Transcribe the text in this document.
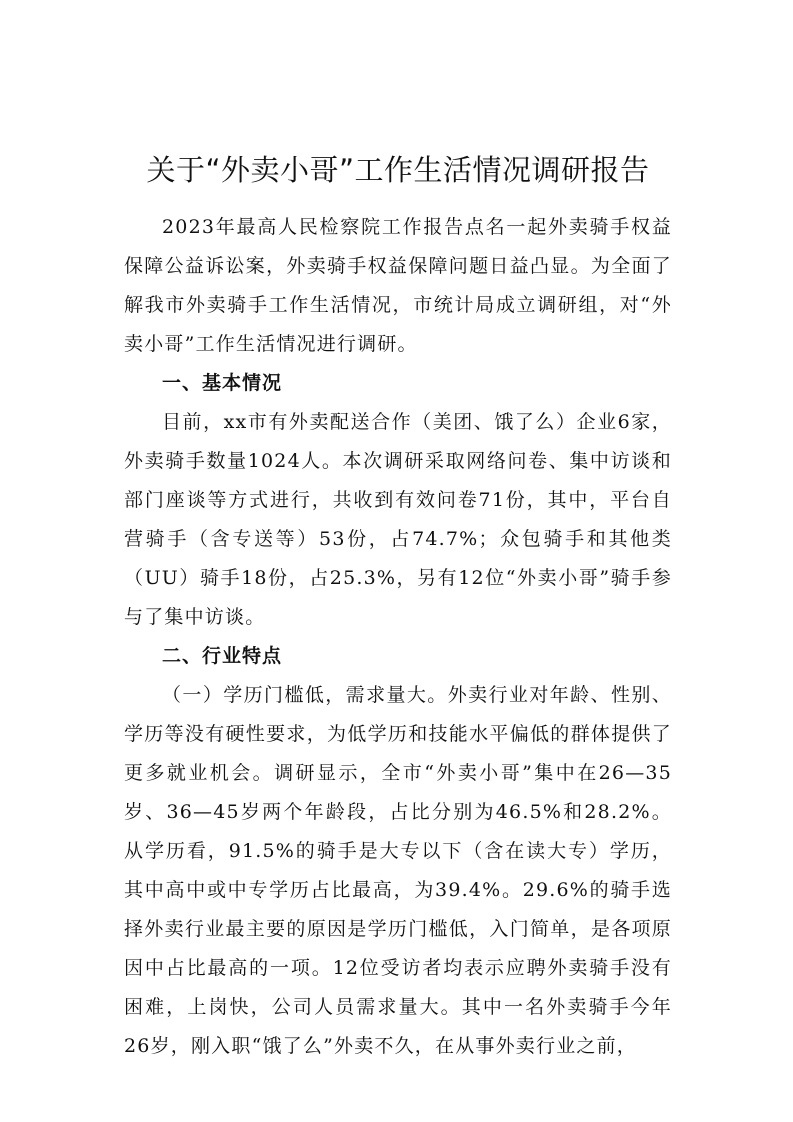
关于“外卖小哥”工作生活情况调研报告

2023年最高人民检察院工作报告点名一起外卖骑手权益保障公益诉讼案，外卖骑手权益保障问题日益凸显。为全面了解我市外卖骑手工作生活情况，市统计局成立调研组，对“外卖小哥”工作生活情况进行调研。

一、基本情况

目前，xx市有外卖配送合作（美团、饿了么）企业6家，外卖骑手数量1024人。本次调研采取网络问卷、集中访谈和部门座谈等方式进行，共收到有效问卷71份，其中，平台自营骑手（含专送等）53份，占74.7%；众包骑手和其他类（UU）骑手18份，占25.3%，另有12位“外卖小哥”骑手参与了集中访谈。

二、行业特点

（一）学历门槛低，需求量大。外卖行业对年龄、性别、学历等没有硬性要求，为低学历和技能水平偏低的群体提供了更多就业机会。调研显示，全市“外卖小哥”集中在26—35岁、36—45岁两个年龄段，占比分别为46.5%和28.2%。从学历看，91.5%的骑手是大专以下（含在读大专）学历，其中高中或中专学历占比最高，为39.4%。29.6%的骑手选择外卖行业最主要的原因是学历门槛低，入门简单，是各项原因中占比最高的一项。12位受访者均表示应聘外卖骑手没有困难，上岗快，公司人员需求量大。其中一名外卖骑手今年26岁，刚入职“饿了么”外卖不久，在从事外卖行业之前，
